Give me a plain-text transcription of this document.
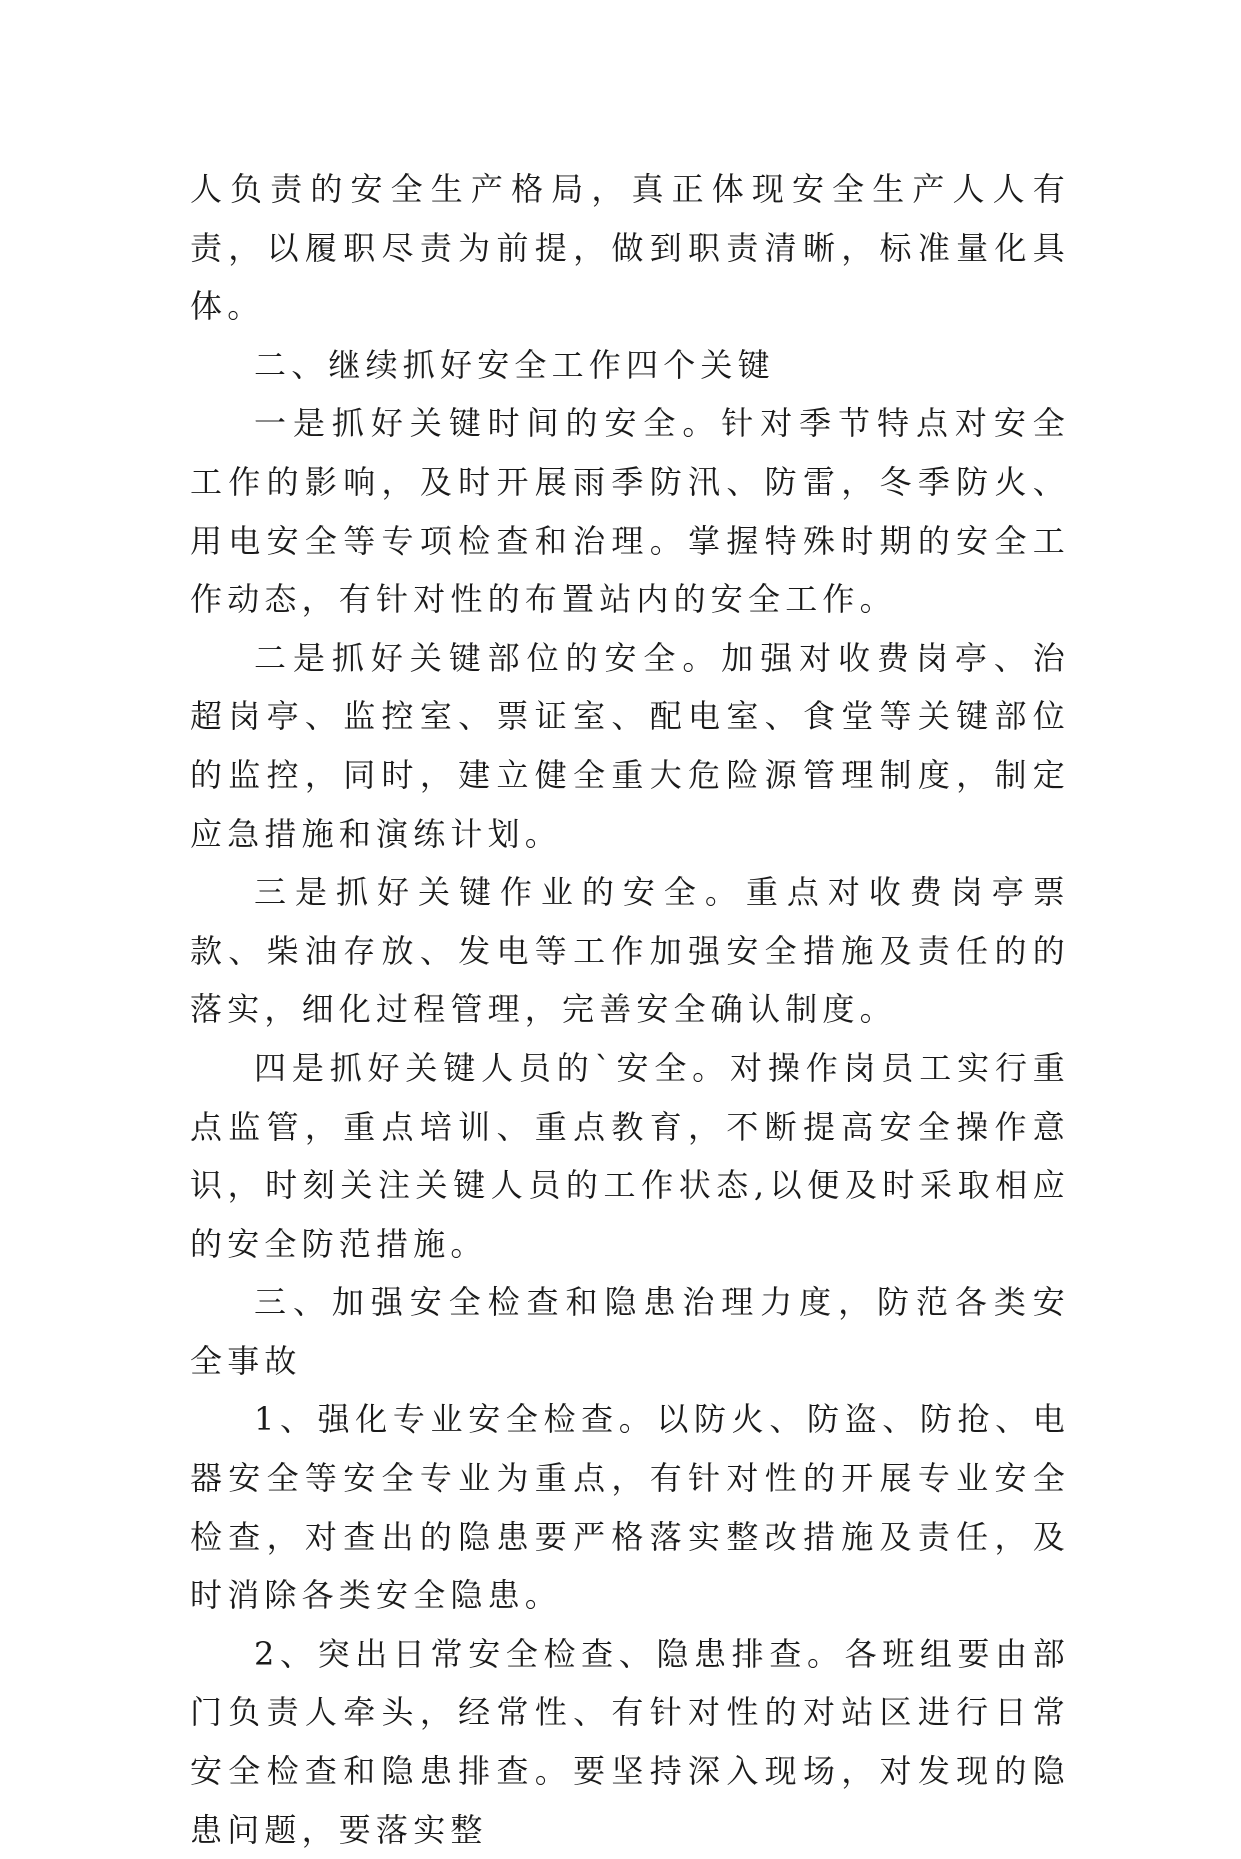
人负责的安全生产格局，真正体现安全生产人人有责，以履职尽责为前提，做到职责清晰，标准量化具体。

二、继续抓好安全工作四个关键

一是抓好关键时间的安全。针对季节特点对安全工作的影响，及时开展雨季防汛、防雷，冬季防火、用电安全等专项检查和治理。掌握特殊时期的安全工作动态，有针对性的布置站内的安全工作。

二是抓好关键部位的安全。加强对收费岗亭、治超岗亭、监控室、票证室、配电室、食堂等关键部位的监控，同时，建立健全重大危险源管理制度，制定应急措施和演练计划。

三是抓好关键作业的安全。重点对收费岗亭票款、柴油存放、发电等工作加强安全措施及责任的的落实，细化过程管理，完善安全确认制度。

四是抓好关键人员的`安全。对操作岗员工实行重点监管，重点培训、重点教育，不断提高安全操作意识，时刻关注关键人员的工作状态,以便及时采取相应的安全防范措施。

三、加强安全检查和隐患治理力度，防范各类安全事故

1、强化专业安全检查。以防火、防盗、防抢、电器安全等安全专业为重点，有针对性的开展专业安全检查，对查出的隐患要严格落实整改措施及责任，及时消除各类安全隐患。

2、突出日常安全检查、隐患排查。各班组要由部门负责人牵头，经常性、有针对性的对站区进行日常安全检查和隐患排查。要坚持深入现场，对发现的隐患问题，要落实整
